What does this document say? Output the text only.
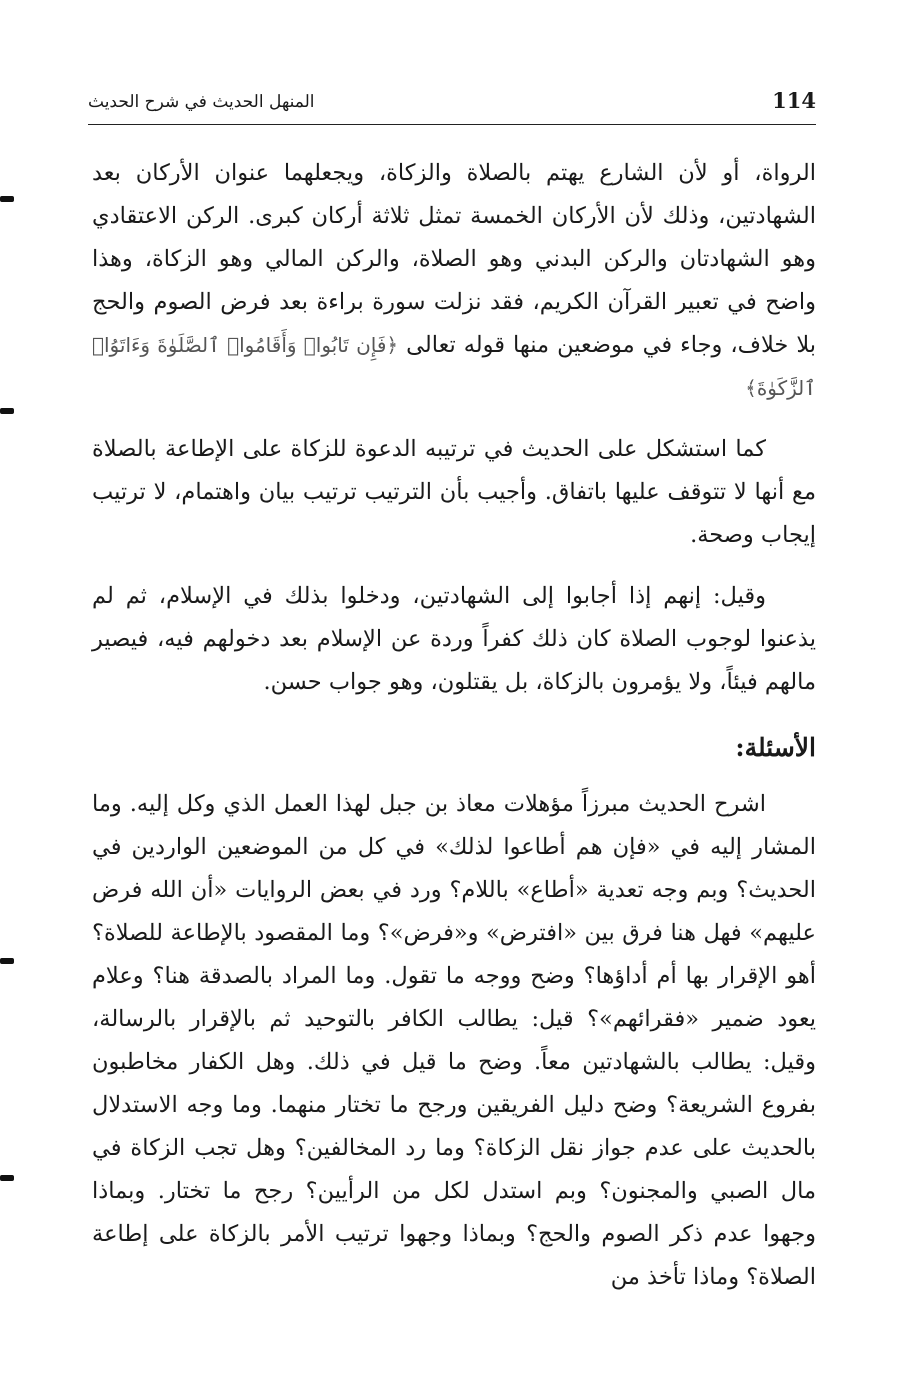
114
المنهل الحديث في شرح الحديث

الرواة، أو لأن الشارع يهتم بالصلاة والزكاة، ويجعلهما عنوان الأركان بعد الشهادتين، وذلك لأن الأركان الخمسة تمثل ثلاثة أركان كبرى. الركن الاعتقادي وهو الشهادتان والركن البدني وهو الصلاة، والركن المالي وهو الزكاة، وهذا واضح في تعبير القرآن الكريم، فقد نزلت سورة براءة بعد فرض الصوم والحج بلا خلاف، وجاء في موضعين منها قوله تعالى ﴿فَإِن تَابُوا۟ وَأَقَامُوا۟ ٱلصَّلَوٰةَ وَءَاتَوُا۟ ٱلزَّكَوٰةَ﴾

كما استشكل على الحديث في ترتيبه الدعوة للزكاة على الإطاعة بالصلاة مع أنها لا تتوقف عليها باتفاق. وأجيب بأن الترتيب ترتيب بيان واهتمام، لا ترتيب إيجاب وصحة.

وقيل: إنهم إذا أجابوا إلى الشهادتين، ودخلوا بذلك في الإسلام، ثم لم يذعنوا لوجوب الصلاة كان ذلك كفراً وردة عن الإسلام بعد دخولهم فيه، فيصير مالهم فيئاً، ولا يؤمرون بالزكاة، بل يقتلون، وهو جواب حسن.

الأسئلة:

اشرح الحديث مبرزاً مؤهلات معاذ بن جبل لهذا العمل الذي وكل إليه. وما المشار إليه في «فإن هم أطاعوا لذلك» في كل من الموضعين الواردين في الحديث؟ وبم وجه تعدية «أطاع» باللام؟ ورد في بعض الروايات «أن الله فرض عليهم» فهل هنا فرق بين «افترض» و«فرض»؟ وما المقصود بالإطاعة للصلاة؟ أهو الإقرار بها أم أداؤها؟ وضح ووجه ما تقول. وما المراد بالصدقة هنا؟ وعلام يعود ضمير «فقرائهم»؟ قيل: يطالب الكافر بالتوحيد ثم بالإقرار بالرسالة، وقيل: يطالب بالشهادتين معاً. وضح ما قيل في ذلك. وهل الكفار مخاطبون بفروع الشريعة؟ وضح دليل الفريقين ورجح ما تختار منهما. وما وجه الاستدلال بالحديث على عدم جواز نقل الزكاة؟ وما رد المخالفين؟ وهل تجب الزكاة في مال الصبي والمجنون؟ وبم استدل لكل من الرأيين؟ رجح ما تختار. وبماذا وجهوا عدم ذكر الصوم والحج؟ وبماذا وجهوا ترتيب الأمر بالزكاة على إطاعة الصلاة؟ وماذا تأخذ من
